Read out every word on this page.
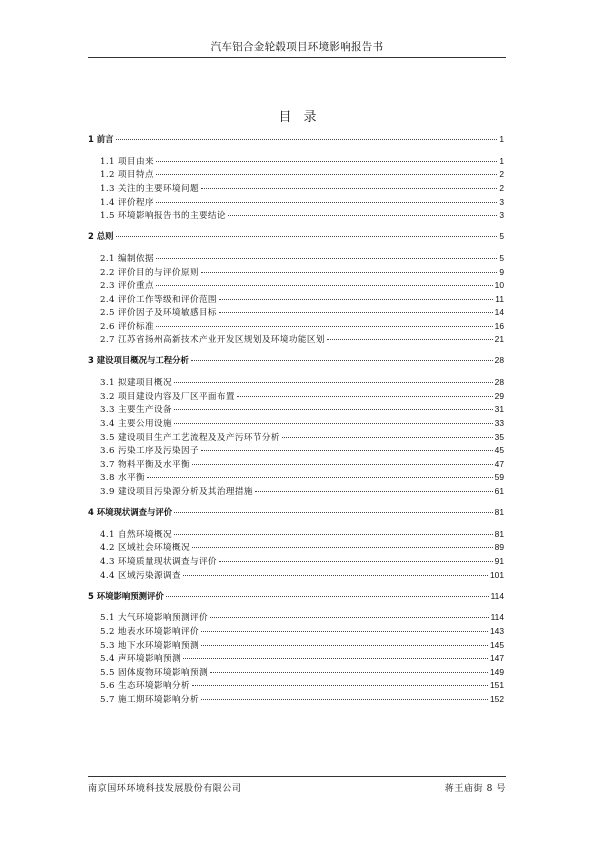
汽车铝合金轮毂项目环境影响报告书
目录
1 前言	1
1.1 项目由来	1
1.2 项目特点	2
1.3 关注的主要环境问题	2
1.4 评价程序	3
1.5 环境影响报告书的主要结论	3
2 总则	5
2.1 编制依据	5
2.2 评价目的与评价原则	9
2.3 评价重点	10
2.4 评价工作等级和评价范围	11
2.5 评价因子及环境敏感目标	14
2.6 评价标准	16
2.7 江苏省扬州高新技术产业开发区规划及环境功能区划	21
3 建设项目概况与工程分析	28
3.1 拟建项目概况	28
3.2 项目建设内容及厂区平面布置	29
3.3 主要生产设备	31
3.4 主要公用设施	33
3.5 建设项目生产工艺流程及及产污环节分析	35
3.6 污染工序及污染因子	45
3.7 物料平衡及水平衡	47
3.8 水平衡	59
3.9 建设项目污染源分析及其治理措施	61
4 环境现状调查与评价	81
4.1 自然环境概况	81
4.2 区域社会环境概况	89
4.3 环境质量现状调查与评价	91
4.4 区域污染源调查	101
5 环境影响预测评价	114
5.1 大气环境影响预测评价	114
5.2 地表水环境影响评价	143
5.3 地下水环境影响预测	145
5.4 声环境影响预测	147
5.5 固体废物环境影响预测	149
5.6 生态环境影响分析	151
5.7 施工期环境影响分析	152
南京国环环境科技发展股份有限公司	蒋王庙街 8 号
